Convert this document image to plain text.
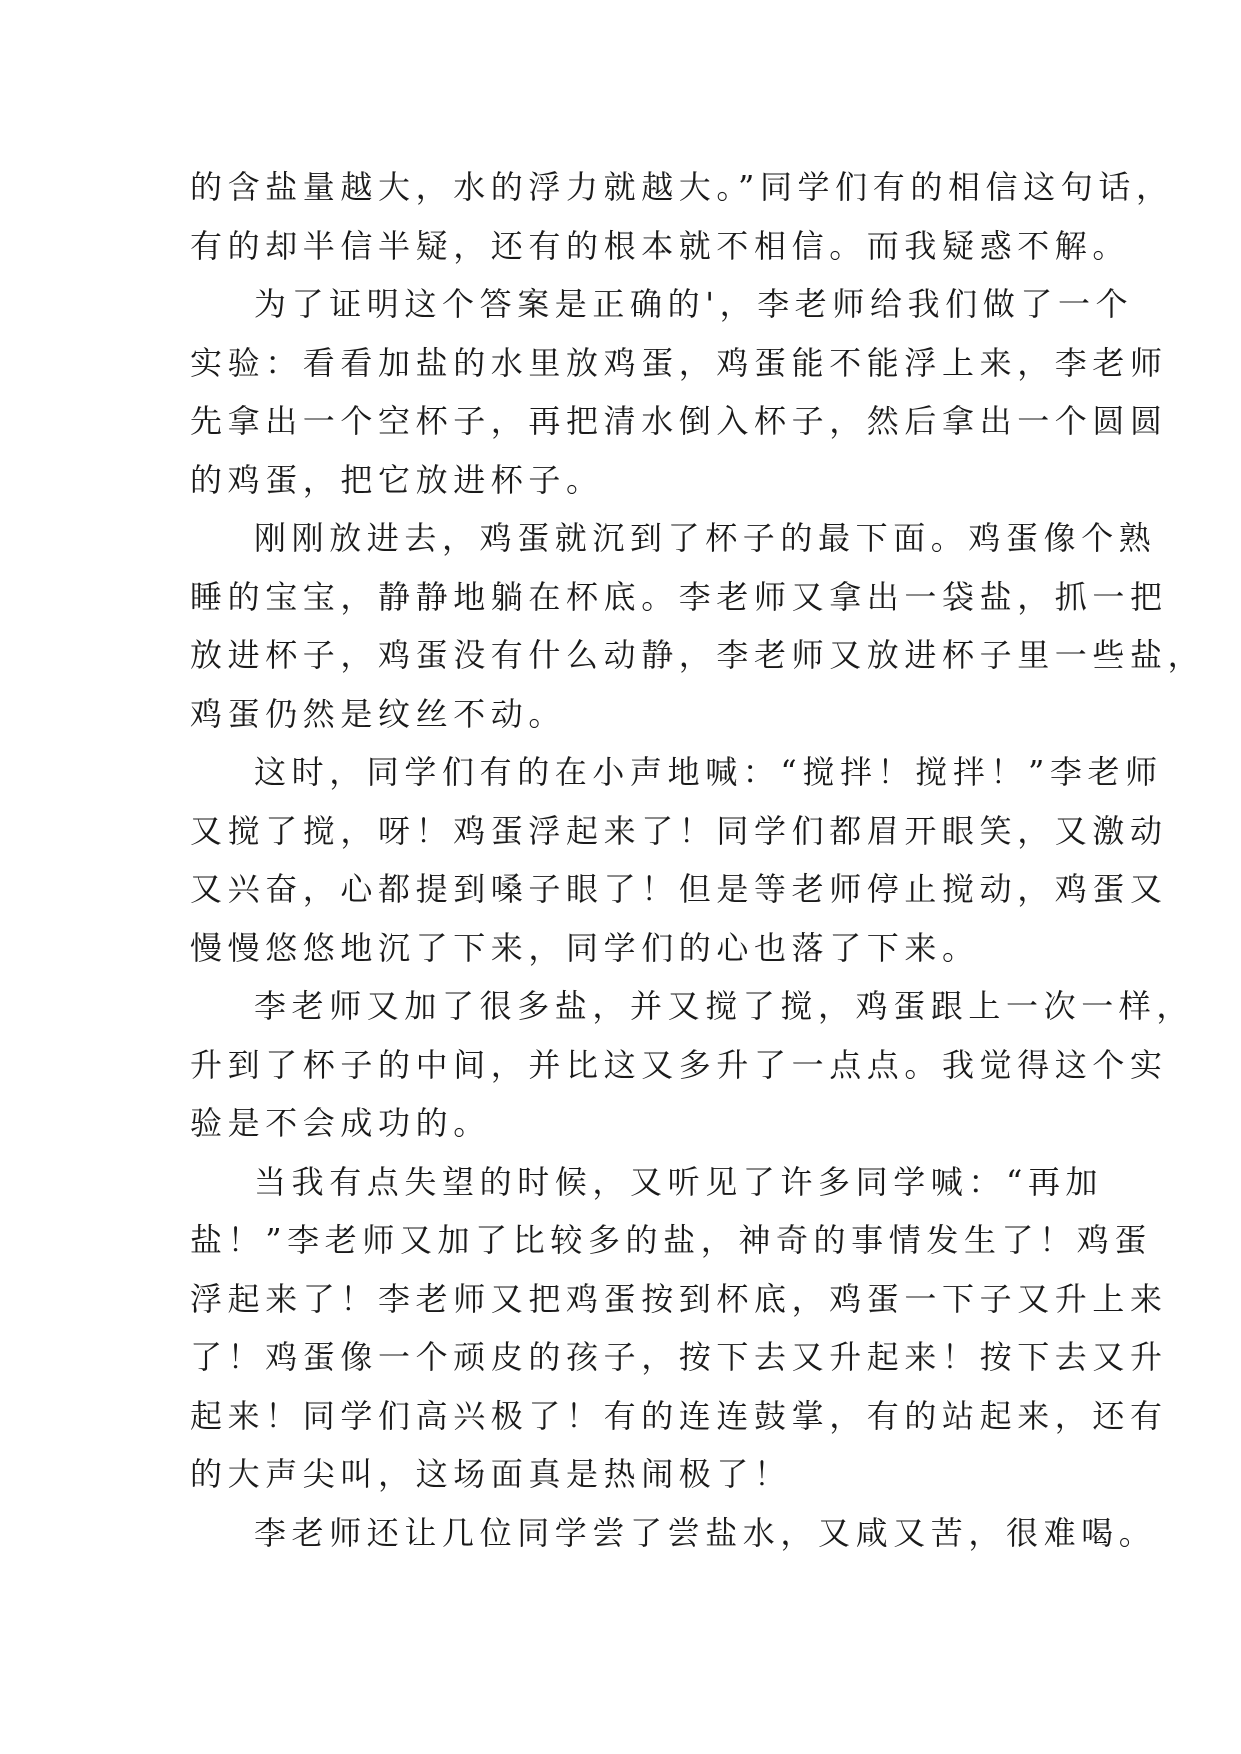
的含盐量越大，水的浮力就越大。”同学们有的相信这句话，
有的却半信半疑，还有的根本就不相信。而我疑惑不解。
为了证明这个答案是正确的'，李老师给我们做了一个
实验：看看加盐的水里放鸡蛋，鸡蛋能不能浮上来，李老师
先拿出一个空杯子，再把清水倒入杯子，然后拿出一个圆圆
的鸡蛋，把它放进杯子。
刚刚放进去，鸡蛋就沉到了杯子的最下面。鸡蛋像个熟
睡的宝宝，静静地躺在杯底。李老师又拿出一袋盐，抓一把
放进杯子，鸡蛋没有什么动静，李老师又放进杯子里一些盐，
鸡蛋仍然是纹丝不动。
这时，同学们有的在小声地喊：“搅拌！搅拌！”李老师
又搅了搅，呀！鸡蛋浮起来了！同学们都眉开眼笑，又激动
又兴奋，心都提到嗓子眼了！但是等老师停止搅动，鸡蛋又
慢慢悠悠地沉了下来，同学们的心也落了下来。
李老师又加了很多盐，并又搅了搅，鸡蛋跟上一次一样，
升到了杯子的中间，并比这又多升了一点点。我觉得这个实
验是不会成功的。
当我有点失望的时候，又听见了许多同学喊：“再加
盐！”李老师又加了比较多的盐，神奇的事情发生了！鸡蛋
浮起来了！李老师又把鸡蛋按到杯底，鸡蛋一下子又升上来
了！鸡蛋像一个顽皮的孩子，按下去又升起来！按下去又升
起来！同学们高兴极了！有的连连鼓掌，有的站起来，还有
的大声尖叫，这场面真是热闹极了！
李老师还让几位同学尝了尝盐水，又咸又苦，很难喝。
